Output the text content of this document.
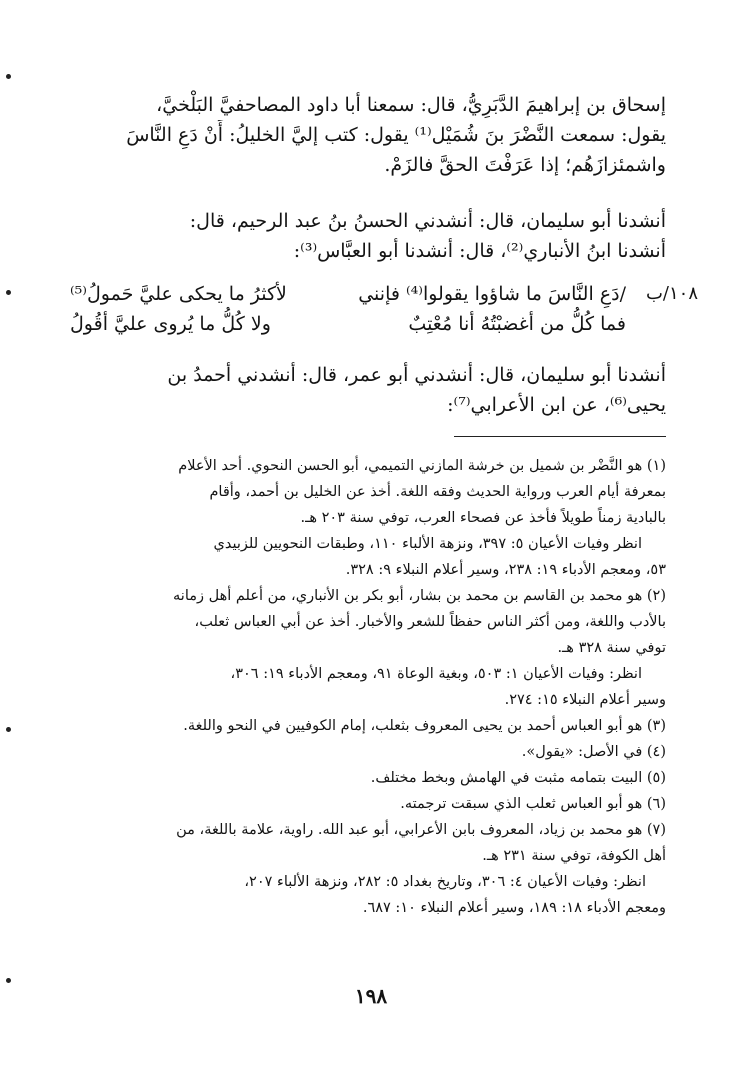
إسحاق بن إبراهيمَ الدَّبَرِيُّ، قال: سمعنا أبا داود المصاحفيَّ البَلْخيَّ،
يقول: سمعت النَّضْرَ بنَ شُمَيْل⁽¹⁾ يقول: كتب إليَّ الخليلُ: أَنْ دَعِ النَّاسَ
واشمئزازَهُم؛ إذا عَرَفْتَ الحقَّ فالزَمْ.
أنشدنا أبو سليمان، قال: أنشدني الحسنُ بنُ عبد الرحيم، قال:
أنشدنا ابنُ الأنباري⁽²⁾، قال: أنشدنا أبو العبَّاس⁽³⁾:
١٠٨/ب
/دَعِ النَّاسَ ما شاؤوا يقولوا⁽⁴⁾ فإنني
لأكثرُ ما يحكى عليَّ حَمولُ⁽⁵⁾
فما كُلُّ من أغضبْتُهُ أنا مُعْتِبٌ
ولا كُلُّ ما يُروى عليَّ أقُولُ
أنشدنا أبو سليمان، قال: أنشدني أبو عمر، قال: أنشدني أحمدُ بن
يحيى⁽⁶⁾، عن ابن الأعرابي⁽⁷⁾:
(١) هو النَّضْر بن شميل بن خرشة المازني التميمي، أبو الحسن النحوي. أحد الأعلام
بمعرفة أيام العرب ورواية الحديث وفقه اللغة. أخذ عن الخليل بن أحمد، وأقام
بالبادية زمناً طويلاً فأخذ عن فصحاء العرب، توفي سنة ٢٠٣ هـ.
انظر وفيات الأعيان ٥: ٣٩٧، ونزهة الألباء ١١٠، وطبقات النحويين للزبيدي
٥٣، ومعجم الأدباء ١٩: ٢٣٨، وسير أعلام النبلاء ٩: ٣٢٨.
(٢) هو محمد بن القاسم بن محمد بن بشار، أبو بكر بن الأنباري، من أعلم أهل زمانه
بالأدب واللغة، ومن أكثر الناس حفظاً للشعر والأخبار. أخذ عن أبي العباس ثعلب،
توفي سنة ٣٢٨ هـ.
انظر: وفيات الأعيان ١: ٥٠٣، وبغية الوعاة ٩١، ومعجم الأدباء ١٩: ٣٠٦،
وسير أعلام النبلاء ١٥: ٢٧٤.
(٣) هو أبو العباس أحمد بن يحيى المعروف بثعلب، إمام الكوفيين في النحو واللغة.
(٤) في الأصل: «يقول».
(٥) البيت بتمامه مثبت في الهامش وبخط مختلف.
(٦) هو أبو العباس ثعلب الذي سبقت ترجمته.
(٧) هو محمد بن زياد، المعروف بابن الأعرابي، أبو عبد الله. راوية، علامة باللغة، من
أهل الكوفة، توفي سنة ٢٣١ هـ.
انظر: وفيات الأعيان ٤: ٣٠٦، وتاريخ بغداد ٥: ٢٨٢، ونزهة الألباء ٢٠٧،
ومعجم الأدباء ١٨: ١٨٩، وسير أعلام النبلاء ١٠: ٦٨٧.
١٩٨
